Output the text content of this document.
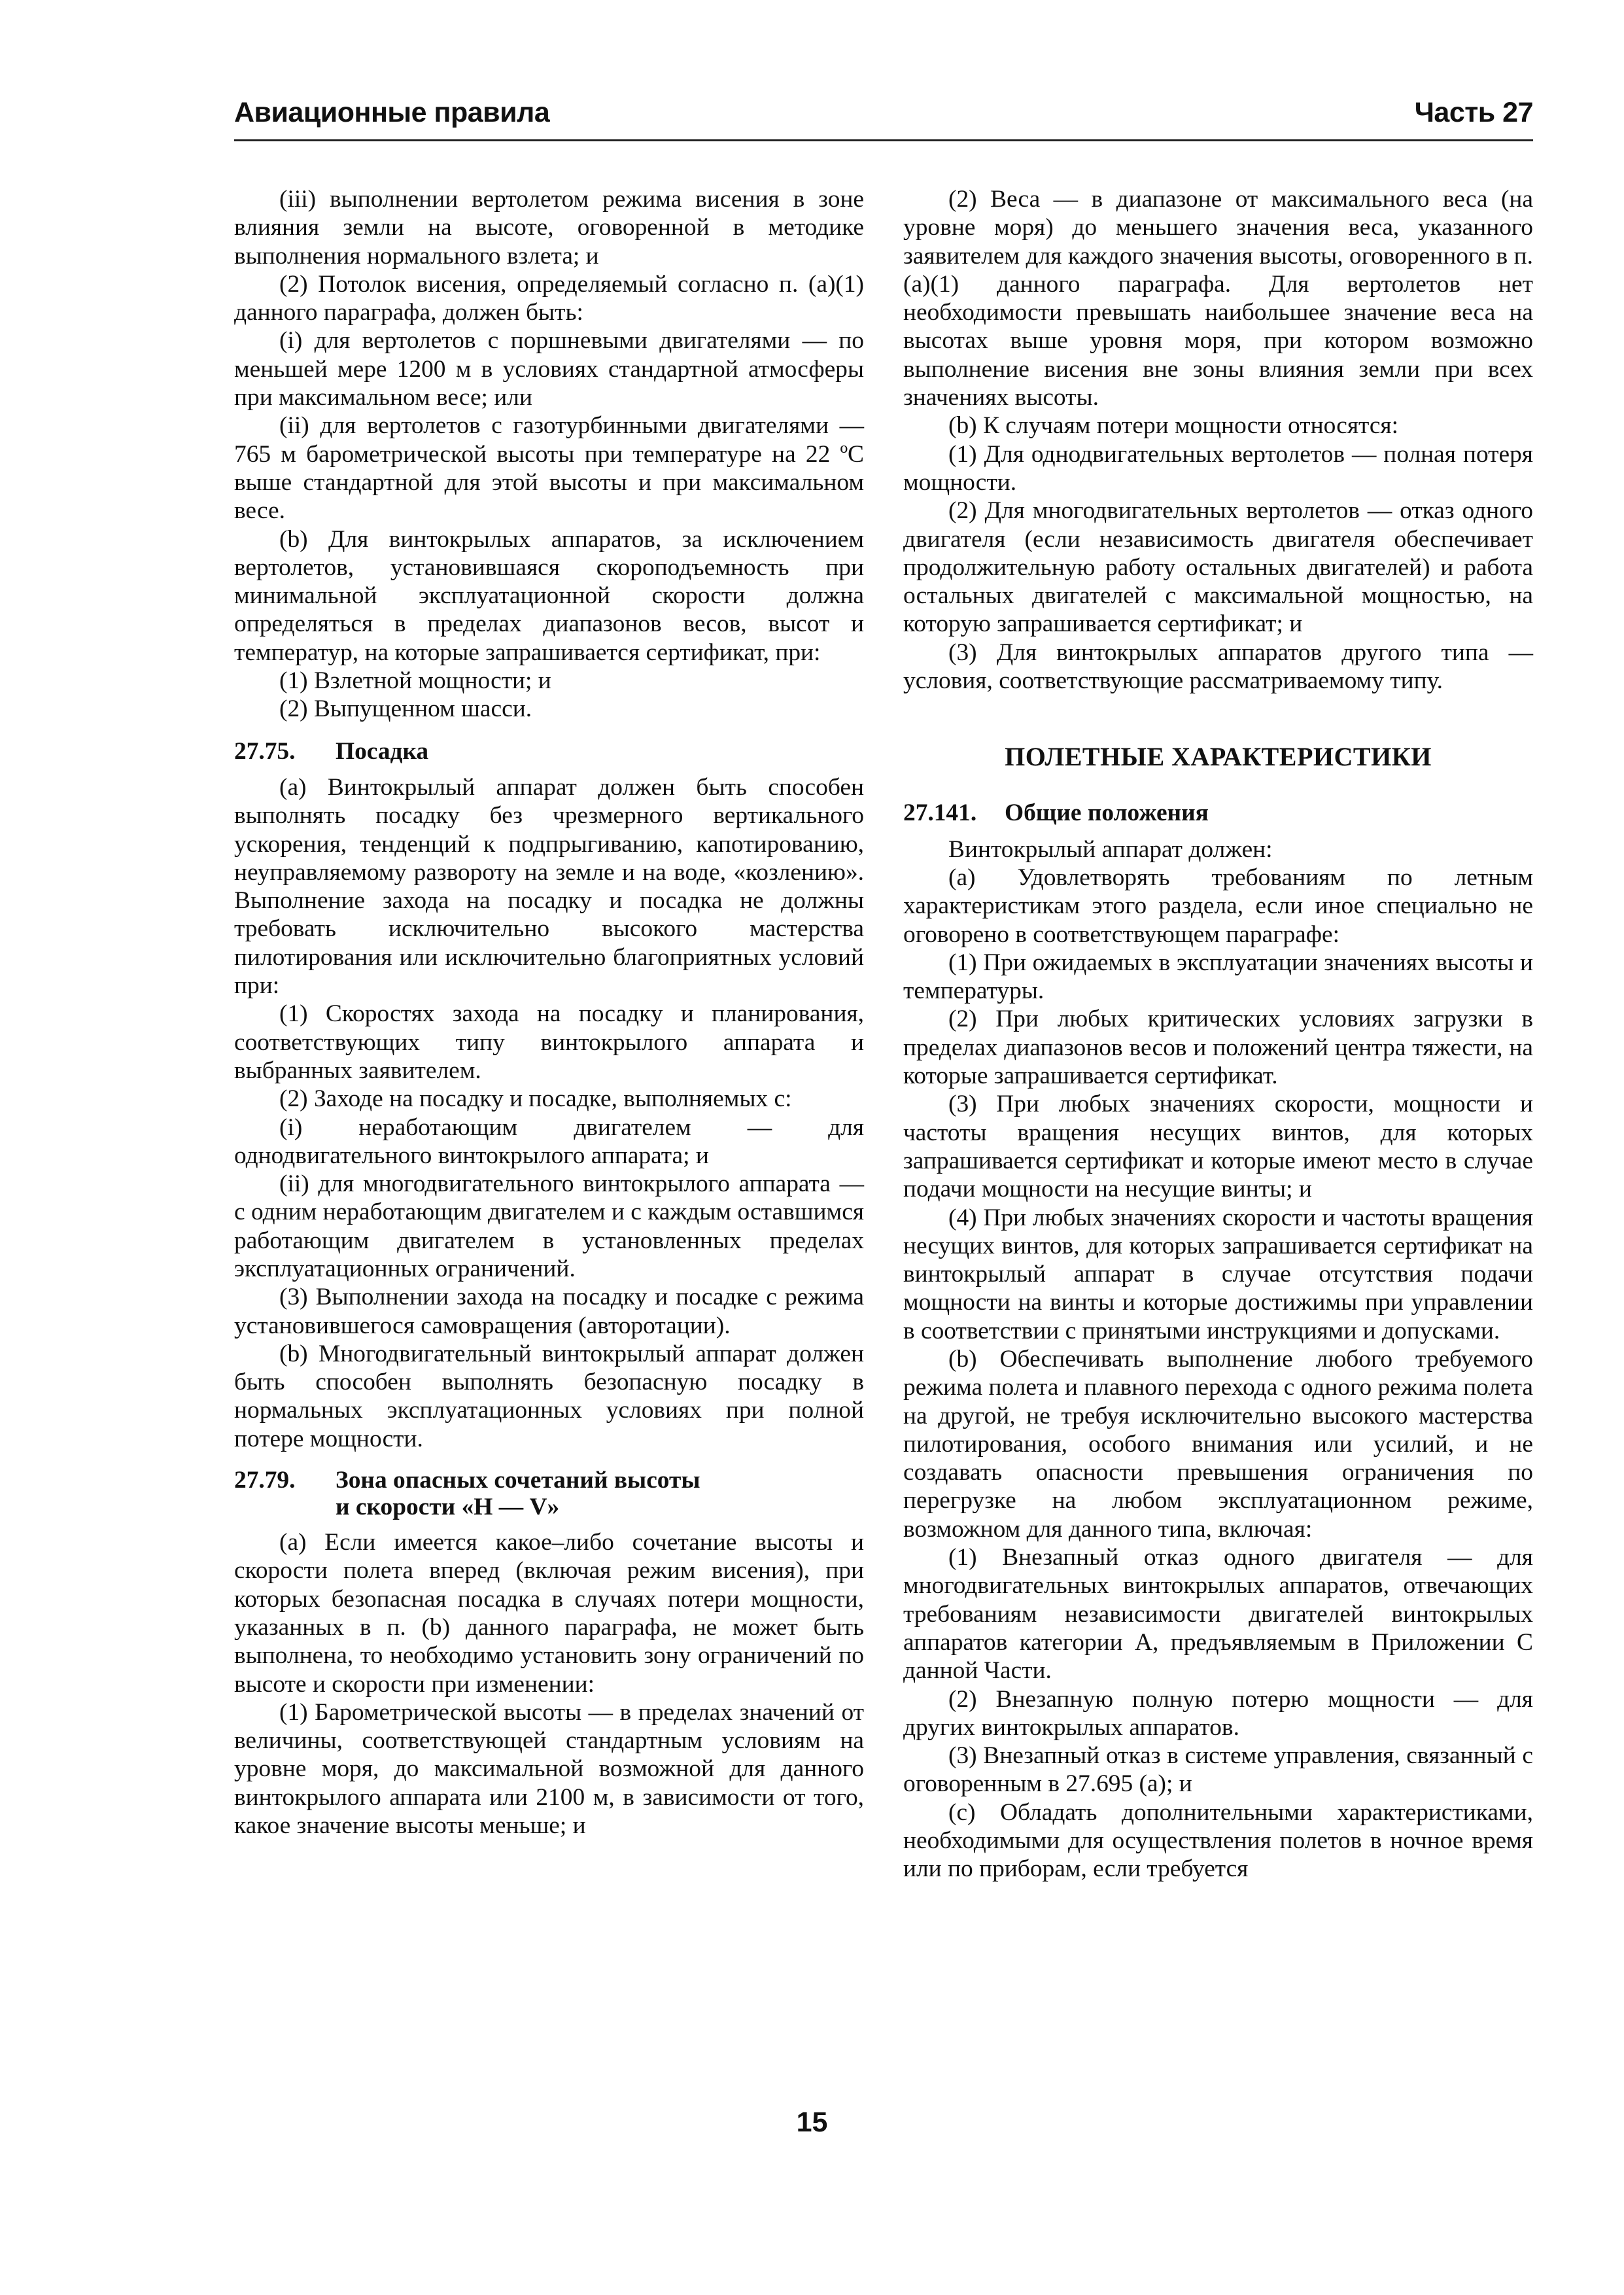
Авиационные правила	Часть 27

(iii) выполнении вертолетом режима висения в зоне влияния земли на высоте, оговоренной в методике выполнения нормального взлета; и

(2) Потолок висения, определяемый согласно п. (a)(1) данного параграфа, должен быть:

(i) для вертолетов с поршневыми двигателями — по меньшей мере 1200 м в условиях стандартной атмосферы при максимальном весе; или

(ii) для вертолетов с газотурбинными двигателями — 765 м барометрической высоты при температуре на 22 ºС выше стандартной для этой высоты и при максимальном весе.

(b) Для винтокрылых аппаратов, за исключением вертолетов, установившаяся скороподъемность при минимальной эксплуатационной скорости должна определяться в пределах диапазонов весов, высот и температур, на которые запрашивается сертификат, при:

(1) Взлетной мощности; и

(2) Выпущенном шасси.

27.75. Посадка

(a) Винтокрылый аппарат должен быть способен выполнять посадку без чрезмерного вертикального ускорения, тенденций к подпрыгиванию, капотированию, неуправляемому развороту на земле и на воде, «козлению». Выполнение захода на посадку и посадка не должны требовать исключительно высокого мастерства пилотирования или исключительно благоприятных условий при:

(1) Скоростях захода на посадку и планирования, соответствующих типу винтокрылого аппарата и выбранных заявителем.

(2) Заходе на посадку и посадке, выполняемых с:

(i) неработающим двигателем — для однодвигательного винтокрылого аппарата; и

(ii) для многодвигательного винтокрылого аппарата — с одним неработающим двигателем и с каждым оставшимся работающим двигателем в установленных пределах эксплуатационных ограничений.

(3) Выполнении захода на посадку и посадке с режима установившегося самовращения (авторотации).

(b) Многодвигательный винтокрылый аппарат должен быть способен выполнять безопасную посадку в нормальных эксплуатационных условиях при полной потере мощности.

27.79. Зона опасных сочетаний высоты
и скорости «Н — V»

(a) Если имеется какое–либо сочетание высоты и скорости полета вперед (включая режим висения), при которых безопасная посадка в случаях потери мощности, указанных в п. (b) данного параграфа, не может быть выполнена, то необходимо установить зону ограничений по высоте и скорости при изменении:

(1) Барометрической высоты — в пределах значений от величины, соответствующей стандартным условиям на уровне моря, до максимальной возможной для данного винтокрылого аппарата или 2100 м, в зависимости от того, какое значение высоты меньше; и

(2) Веса — в диапазоне от максимального веса (на уровне моря) до меньшего значения веса, указанного заявителем для каждого значения высоты, оговоренного в п. (a)(1) данного параграфа. Для вертолетов нет необходимости превышать наибольшее значение веса на высотах выше уровня моря, при котором возможно выполнение висения вне зоны влияния земли при всех значениях высоты.

(b) К случаям потери мощности относятся:

(1) Для однодвигательных вертолетов — полная потеря мощности.

(2) Для многодвигательных вертолетов — отказ одного двигателя (если независимость двигателя обеспечивает продолжительную работу остальных двигателей) и работа остальных двигателей с максимальной мощностью, на которую запрашивается сертификат; и

(3) Для винтокрылых аппаратов другого типа — условия, соответствующие рассматриваемому типу.

ПОЛЕТНЫЕ ХАРАКТЕРИСТИКИ

27.141. Общие положения

Винтокрылый аппарат должен:

(a) Удовлетворять требованиям по летным характеристикам этого раздела, если иное специально не оговорено в соответствующем параграфе:

(1) При ожидаемых в эксплуатации значениях высоты и температуры.

(2) При любых критических условиях загрузки в пределах диапазонов весов и положений центра тяжести, на которые запрашивается сертификат.

(3) При любых значениях скорости, мощности и частоты вращения несущих винтов, для которых запрашивается сертификат и которые имеют место в случае подачи мощности на несущие винты; и

(4) При любых значениях скорости и частоты вращения несущих винтов, для которых запрашивается сертификат на винтокрылый аппарат в случае отсутствия подачи мощности на винты и которые достижимы при управлении в соответствии с принятыми инструкциями и допусками.

(b) Обеспечивать выполнение любого требуемого режима полета и плавного перехода с одного режима полета на другой, не требуя исключительно высокого мастерства пилотирования, особого внимания или усилий, и не создавать опасности превышения ограничения по перегрузке на любом эксплуатационном режиме, возможном для данного типа, включая:

(1) Внезапный отказ одного двигателя — для многодвигательных винтокрылых аппаратов, отвечающих требованиям независимости двигателей винтокрылых аппаратов категории А, предъявляемым в Приложении С данной Части.

(2) Внезапную полную потерю мощности — для других винтокрылых аппаратов.

(3) Внезапный отказ в системе управления, связанный с оговоренным в 27.695 (а); и

(c) Обладать дополнительными характеристиками, необходимыми для осуществления полетов в ночное время или по приборам, если требуется

15
